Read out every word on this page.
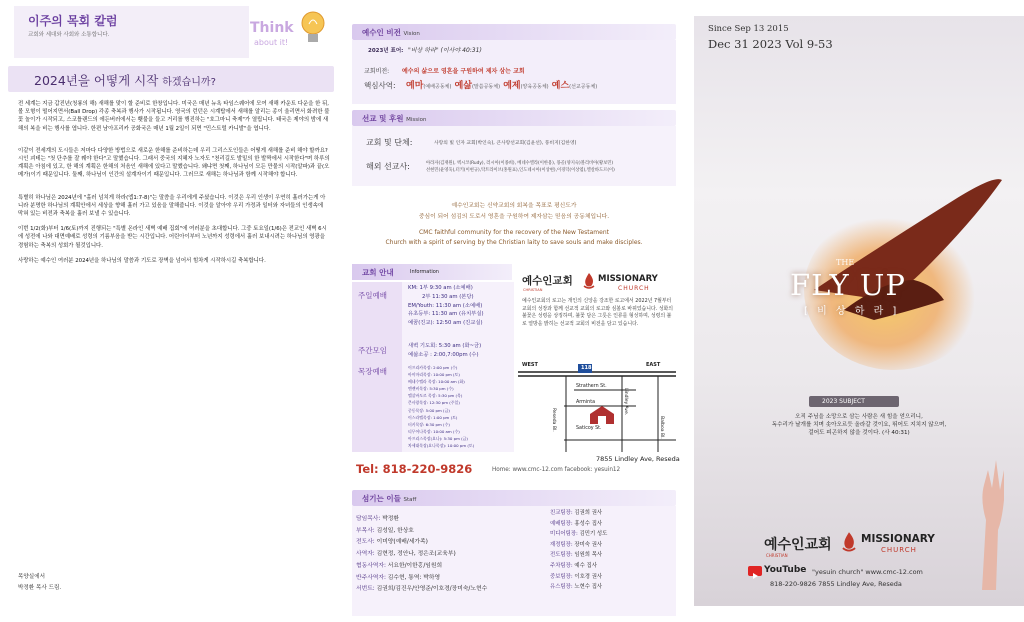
이주의 목회 칼럼
교회와 세대와 사회와 소통합니다.	Think
about it!
2024년을 어떻게 시작 하겠습니까?

전 세계는 지금 갑진년(청룡의 해) 새해를 맞이 할 준비로 한창입니다. 미국은 매년 뉴욕 타임스퀘어에 모여 새해 카운트 다운을 한 뒤, 볼 모형이 떨어지면서(Ball Drop) 각종 축복과 행사가 시작됩니다. 영국의 런던은 시계탑에서 새해를 알리는 종이 울리면서 화려한 불꽃 놀이가 시작되고, 스코틀랜드의 에든버러에서는 횃불을 들고 거리를 행진하는 "호그마니 축제"가 열립니다. 태국은 제야의 밤에 새해의 복을 비는 행사를 엽니다. 한편 남아프리카 공화국은 매년 1월 2일이 되면 "민스트럴 카니발"을 엽니다.

이같이 전세계의 도시들은 저마다 다양한 방법으로 새로운 한해를 준비하는데 우리 그리스도인들은 어떻게 새해를 준비 해야 할까요? 시인 괴테는 "첫 단추를 잘 꿰야 한다"고 말했습니다. 그래서 중국의 지혜자 노자도 "천리길도 발밑의 한 발짝에서 시작한다"며 하루의 계획은 아침에 있고, 한 해의 계획은 한해의 처음인 새해에 있다고 말했습니다. 왜냐면 첫째, 하나님이 모든 만물의 시작(알파)과 끝(오메가)이기 때문입니다. 둘째, 하나님이 인간의 설계자이기 때문입니다. 그러므로 새해는 하나님과 함께 시작해야 합니다.

특별히 하나님은 2024년에 "홀러 넘치게 하라(엡1:7-8)"는 말씀을 우리에게 주셨습니다. 이것은 우리 인생이 우연히 흘러가는게 아니라 분명한 하나님의 계획안에서 세상을 향해 흘러 가고 있음을 말해줍니다. 이것을 알아야 우리 가정과 일터와 자녀들의 인생속에 막혀 있는 비전과 축복을 흘러 보낼 수 있습니다.

이번 1/2(화)부터 1/6(토)까지 진행되는 "특별 온라인 새벽 예배 집회"에 여러분을 초대합니다. 그중 토요일(1/6)은 전교인 새벽 6시에 성전에 나와 대면예배로 성령의 기름부음을 받는 시간입니다. 어린아이부터 노년까지 성령에서 흘러 보내시려는 하나님의 영광을 경험하는 축복의 성회가 될것입니다.

사랑하는 예수인 여러분 2024년을 하나님의 말씀과 기도로 장벽을 넘어서 힘차게 시작하시길 축복합니다.

목양실에서
박정환 목사 드림.
예수인 비전 Vision
2023년 표어: "비상 하라" (이사야 40:31)
교회비전: 예수의 삶으로 영혼을 구원하여 제자 삼는 교회
핵심사역: 예마(예배공동체) 예삶(말씀공동체) 예제(양육공동체) 예스(선교공동체)
선교 및 후원 Mission
교회 및 단체:	사랑의 빛 인자 교회(박인숙), 큰사랑선교회(김윤선), 풍비지(김한영)
해외 선교사:	아라자(김재원), 멕시코(Rudy), 러시아(이종희), 베네수엘라(이한용), 몽골(양지숙)볼리비아(황보민)
선현민(윤영욱),터키(이현규),탁트라이브(홍원표),인도네시아(이상현),이경덕(이상엽),엘살바도르(이)
예수인교회는 신약교회의 회복을 목표로 평신도가
중심이 되어 섬김의 도로서 영혼을 구원하여 제자삼는 믿음의 공동체입니다.
CMC faithful community for the recovery of the New Testament
Church with a spirit of serving by the Christian laity to save souls and make disciples.
교회 안내	Information
주일예배
KM: 1부 9:30 am (소예배)
2부 11:30 am (본당)
EM/Youth: 11:30 am (소예배)
유초등부: 11:30 am (유치부실)
예꿈(진교): 12:50 am (진교실)
주간모임	새벽 기도회: 5:30 am (화~금)
예삶소공 : 2:00,7:00pm (수)
목장예배	이프리카목장: 2:00 pm (수)
아이마리목장: 10:00 pm (토)
베네수엘라 목장: 10:00 am (화)
엔젠비목장: 5:30 pm (수)
엘살바도르 목장: 5:30 pm (목)
큰사랑목장: 12:30 pm (주일)
중동목장: 5:00 pm (금)
이스라엘목장: 1:00 pm (토)
터키목장: 6:30 pm (수)
티무어나목장: 10:00 am (수)
아프리스목장(요나): 5:30 pm (금)
차세대목장(요나목장): 10:00 pm (토)
예수인교회
CHRISTIAN
MISSIONARY
CHURCH
예수인교회의 로고는 개인의 신앙을 강조한 로고에서 2022년 7월부터 교회의 성장과 함께 선교적 교회의 로고와 심볼로 바뀌었습니다. 성화의 불꽃은 성령을 상징하며, 불꽃 담은 그릇은 인류를 형성하며, 성령의 불로 열방을 밝히는 선교적 교회의 비전을 담고 있습니다.
WEST	EAST
118
Strathern St.
Arminta
Saticoy St.
Reseda Bl.
Lindley Ave.
Balboa Bl.
7855 Lindley Ave, Reseda
Tel: 818-220-9826	Home: www.cmc-12.com facebook: yesuin12
섬기는 이들 Staff
담임목사: 박정환
부목사: 김성일, 한상호
전도사: 이미양(예배/세가족)
사역자: 김현정, 정안나, 정은조(교육부)
협동사역자: 서요한/이한홍/임원희
반주사역자: 김수현, 통역: 박하영
서번트: 김권희/김진우/안영준/이호경/장미숙/노현수
친교팀장: 김권희 권사
예배팀장: 홍성수 집사
미디어팀장: 김민기 성도
재정팀장: 장미숙 권사
전도팀장: 임원희 목사
주차팀장: 예수 집사
중보팀장: 이호경 권사
유스팀장: 노현수 집사
Since Sep 13 2015
Dec 31 2023 Vol 9-53
THE
FLY UP
[ 비 상 하 라 ]
2023 SUBJECT
오직 주님을 소망으로 삼는 사람은 새 힘을 얻으리니,
독수리가 날개를 치며 솟아오르듯 올라갈 것이요, 뛰어도 지치지 않으며,
걸어도 피곤하지 않을 것이다. (사 40:31)
예수인교회
CHRISTIAN
MISSIONARY
CHURCH
YouTube "yesuin church" www.cmc-12.com
818-220-9826 7855 Lindley Ave, Reseda
